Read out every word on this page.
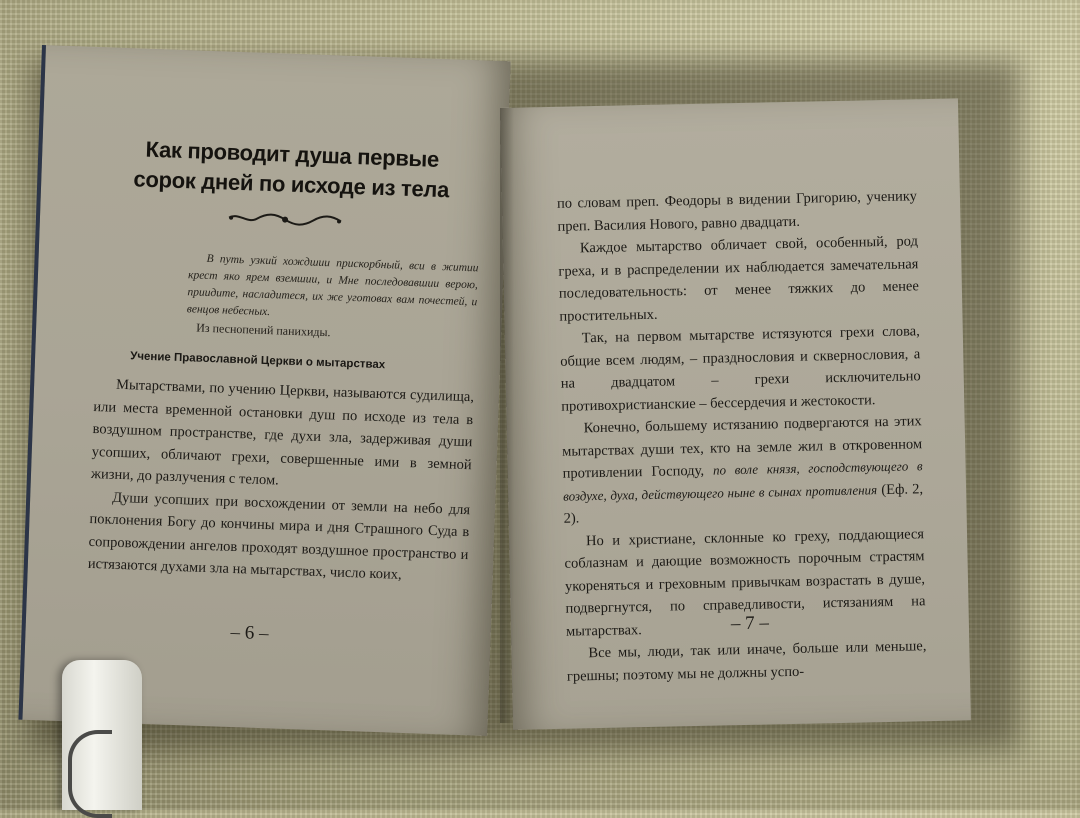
Как проводит душа первые
сорок дней по исходе из тела

В путь узкий хождшии прискорбный, вси в житии крест яко ярем вземшии, и Мне последовавшии верою, приидите, насладитеся, их же уготовах вам почестей, и венцов небесных.

Из песнопений панихиды.

Учение Православной Церкви о мытарствах

Мытарствами, по учению Церкви, называются судилища, или места временной остановки душ по исходе из тела в воздушном пространстве, где духи зла, задерживая души усопших, обличают грехи, совершенные ими в земной жизни, до разлучения с телом.

Души усопших при восхождении от земли на небо для поклонения Богу до кончины мира и дня Страшного Суда в сопровождении ангелов проходят воздушное пространство и истязаются духами зла на мытарствах, число коих,

– 6 –

по словам преп. Феодоры в видении Григорию, ученику преп. Василия Нового, равно двадцати.

Каждое мытарство обличает свой, особенный, род греха, и в распределении их наблюдается замечательная последовательность: от менее тяжких до менее простительных.

Так, на первом мытарстве истязуются грехи слова, общие всем людям, – празднословия и сквернословия, а на двадцатом – грехи исключительно противохристианские – бессердечия и жестокости.

Конечно, большему истязанию подвергаются на этих мытарствах души тех, кто на земле жил в откровенном противлении Господу, по воле князя, господствующего в воздухе, духа, действующего ныне в сынах противления (Еф. 2, 2).

Но и христиане, склонные ко греху, поддающиеся соблазнам и дающие возможность порочным страстям укореняться и греховным привычкам возрастать в душе, подвергнутся, по справедливости, истязаниям на мытарствах.

Все мы, люди, так или иначе, больше или меньше, грешны; поэтому мы не должны успо-

– 7 –
